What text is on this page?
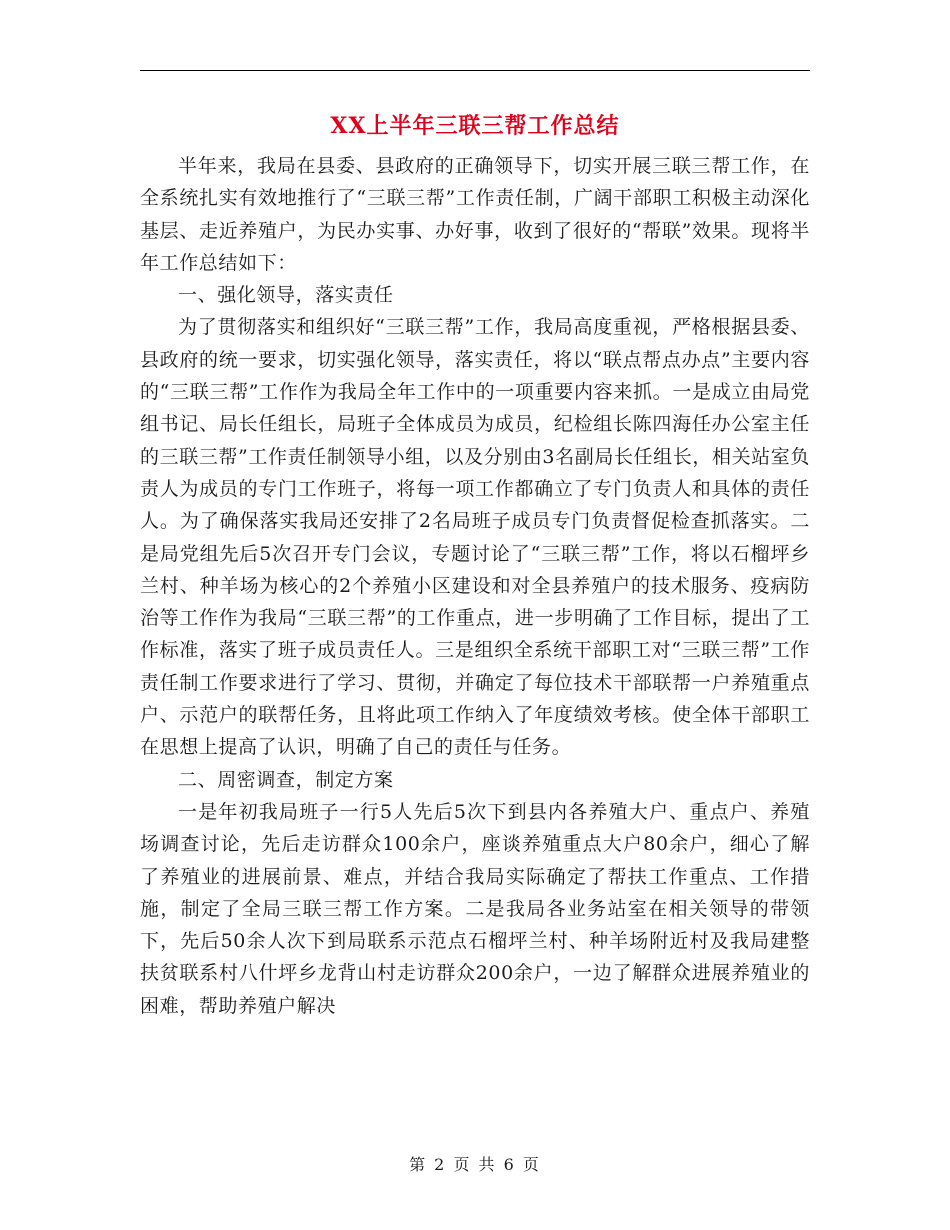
XX上半年三联三帮工作总结

半年来，我局在县委、县政府的正确领导下，切实开展三联三帮工作，在全系统扎实有效地推行了“三联三帮”工作责任制，广阔干部职工积极主动深化基层、走近养殖户，为民办实事、办好事，收到了很好的“帮联”效果。现将半年工作总结如下：

一、强化领导，落实责任

为了贯彻落实和组织好“三联三帮”工作，我局高度重视，严格根据县委、县政府的统一要求，切实强化领导，落实责任，将以“联点帮点办点”主要内容的“三联三帮”工作作为我局全年工作中的一项重要内容来抓。一是成立由局党组书记、局长任组长，局班子全体成员为成员，纪检组长陈四海任办公室主任的三联三帮”工作责任制领导小组，以及分别由3名副局长任组长，相关站室负责人为成员的专门工作班子，将每一项工作都确立了专门负责人和具体的责任人。为了确保落实我局还安排了2名局班子成员专门负责督促检查抓落实。二是局党组先后5次召开专门会议，专题讨论了“三联三帮”工作，将以石榴坪乡兰村、种羊场为核心的2个养殖小区建设和对全县养殖户的技术服务、疫病防治等工作作为我局“三联三帮”的工作重点，进一步明确了工作目标，提出了工作标准，落实了班子成员责任人。三是组织全系统干部职工对“三联三帮”工作责任制工作要求进行了学习、贯彻，并确定了每位技术干部联帮一户养殖重点户、示范户的联帮任务，且将此项工作纳入了年度绩效考核。使全体干部职工在思想上提高了认识，明确了自己的责任与任务。

二、周密调查，制定方案

一是年初我局班子一行5人先后5次下到县内各养殖大户、重点户、养殖场调查讨论，先后走访群众100余户，座谈养殖重点大户80余户，细心了解了养殖业的进展前景、难点，并结合我局实际确定了帮扶工作重点、工作措施，制定了全局三联三帮工作方案。二是我局各业务站室在相关领导的带领下，先后50余人次下到局联系示范点石榴坪兰村、种羊场附近村及我局建整扶贫联系村八什坪乡龙背山村走访群众200余户，一边了解群众进展养殖业的困难，帮助养殖户解决

第 2 页 共 6 页
